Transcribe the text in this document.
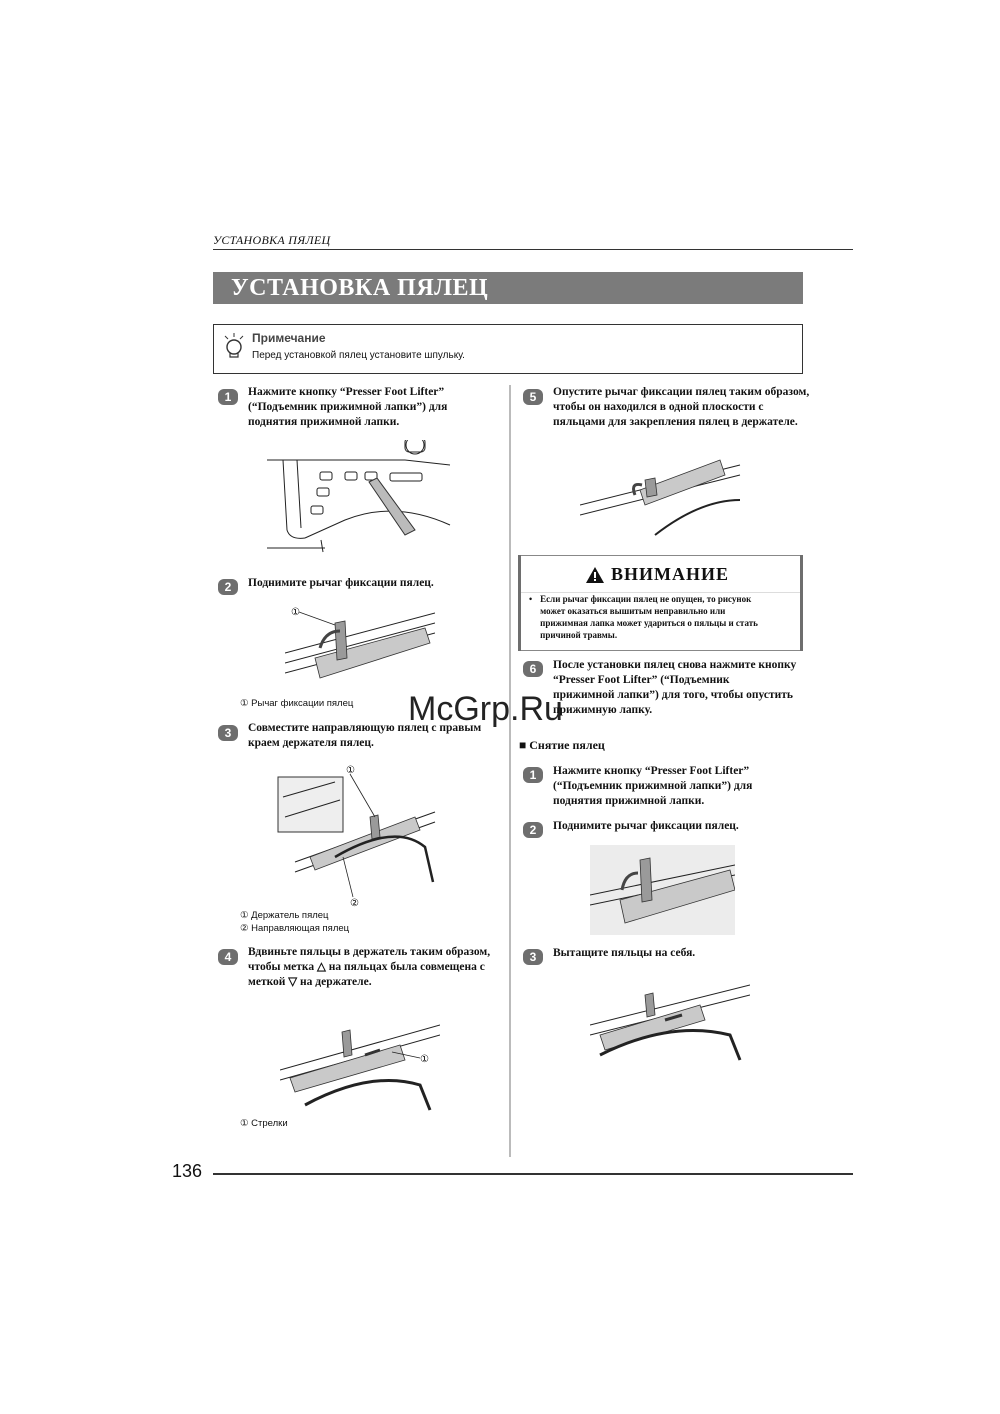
УСТАНОВКА ПЯЛЕЦ
УСТАНОВКА ПЯЛЕЦ
Примечание
Перед установкой пялец установите шпульку.
1	Нажмите кнопку “Presser Foot Lifter”
(“Подъемник прижимной лапки”) для
поднятия прижимной лапки.
2	Поднимите рычаг фиксации пялец.
①
① Рычаг фиксации пялец
3	Совместите направляющую пялец с правым
краем держателя пялец.
①
②
① Держатель пялец
② Направляющая пялец
4	Вдвиньте пяльцы в держатель таким образом,
чтобы метка △ на пяльцах была совмещена с
меткой ▽ на держателе.
①
① Стрелки
5	Опустите рычаг фиксации пялец таким образом,
чтобы он находился в одной плоскости с
пяльцами для закрепления пялец в держателе.
ВНИМАНИЕ
• Если рычаг фиксации пялец не опущен, то рисунок
может оказаться вышитым неправильно или
прижимная лапка может удариться о пяльцы и стать
причиной травмы.
6	После установки пялец снова нажмите кнопку
“Presser Foot Lifter” (“Подъемник
прижимной лапки”) для того, чтобы опустить
прижимную лапку.
■ Снятие пялец
1	Нажмите кнопку “Presser Foot Lifter”
(“Подъемник прижимной лапки”) для
поднятия прижимной лапки.
2	Поднимите рычаг фиксации пялец.
3	Вытащите пяльцы на себя.
McGrp.Ru
136
